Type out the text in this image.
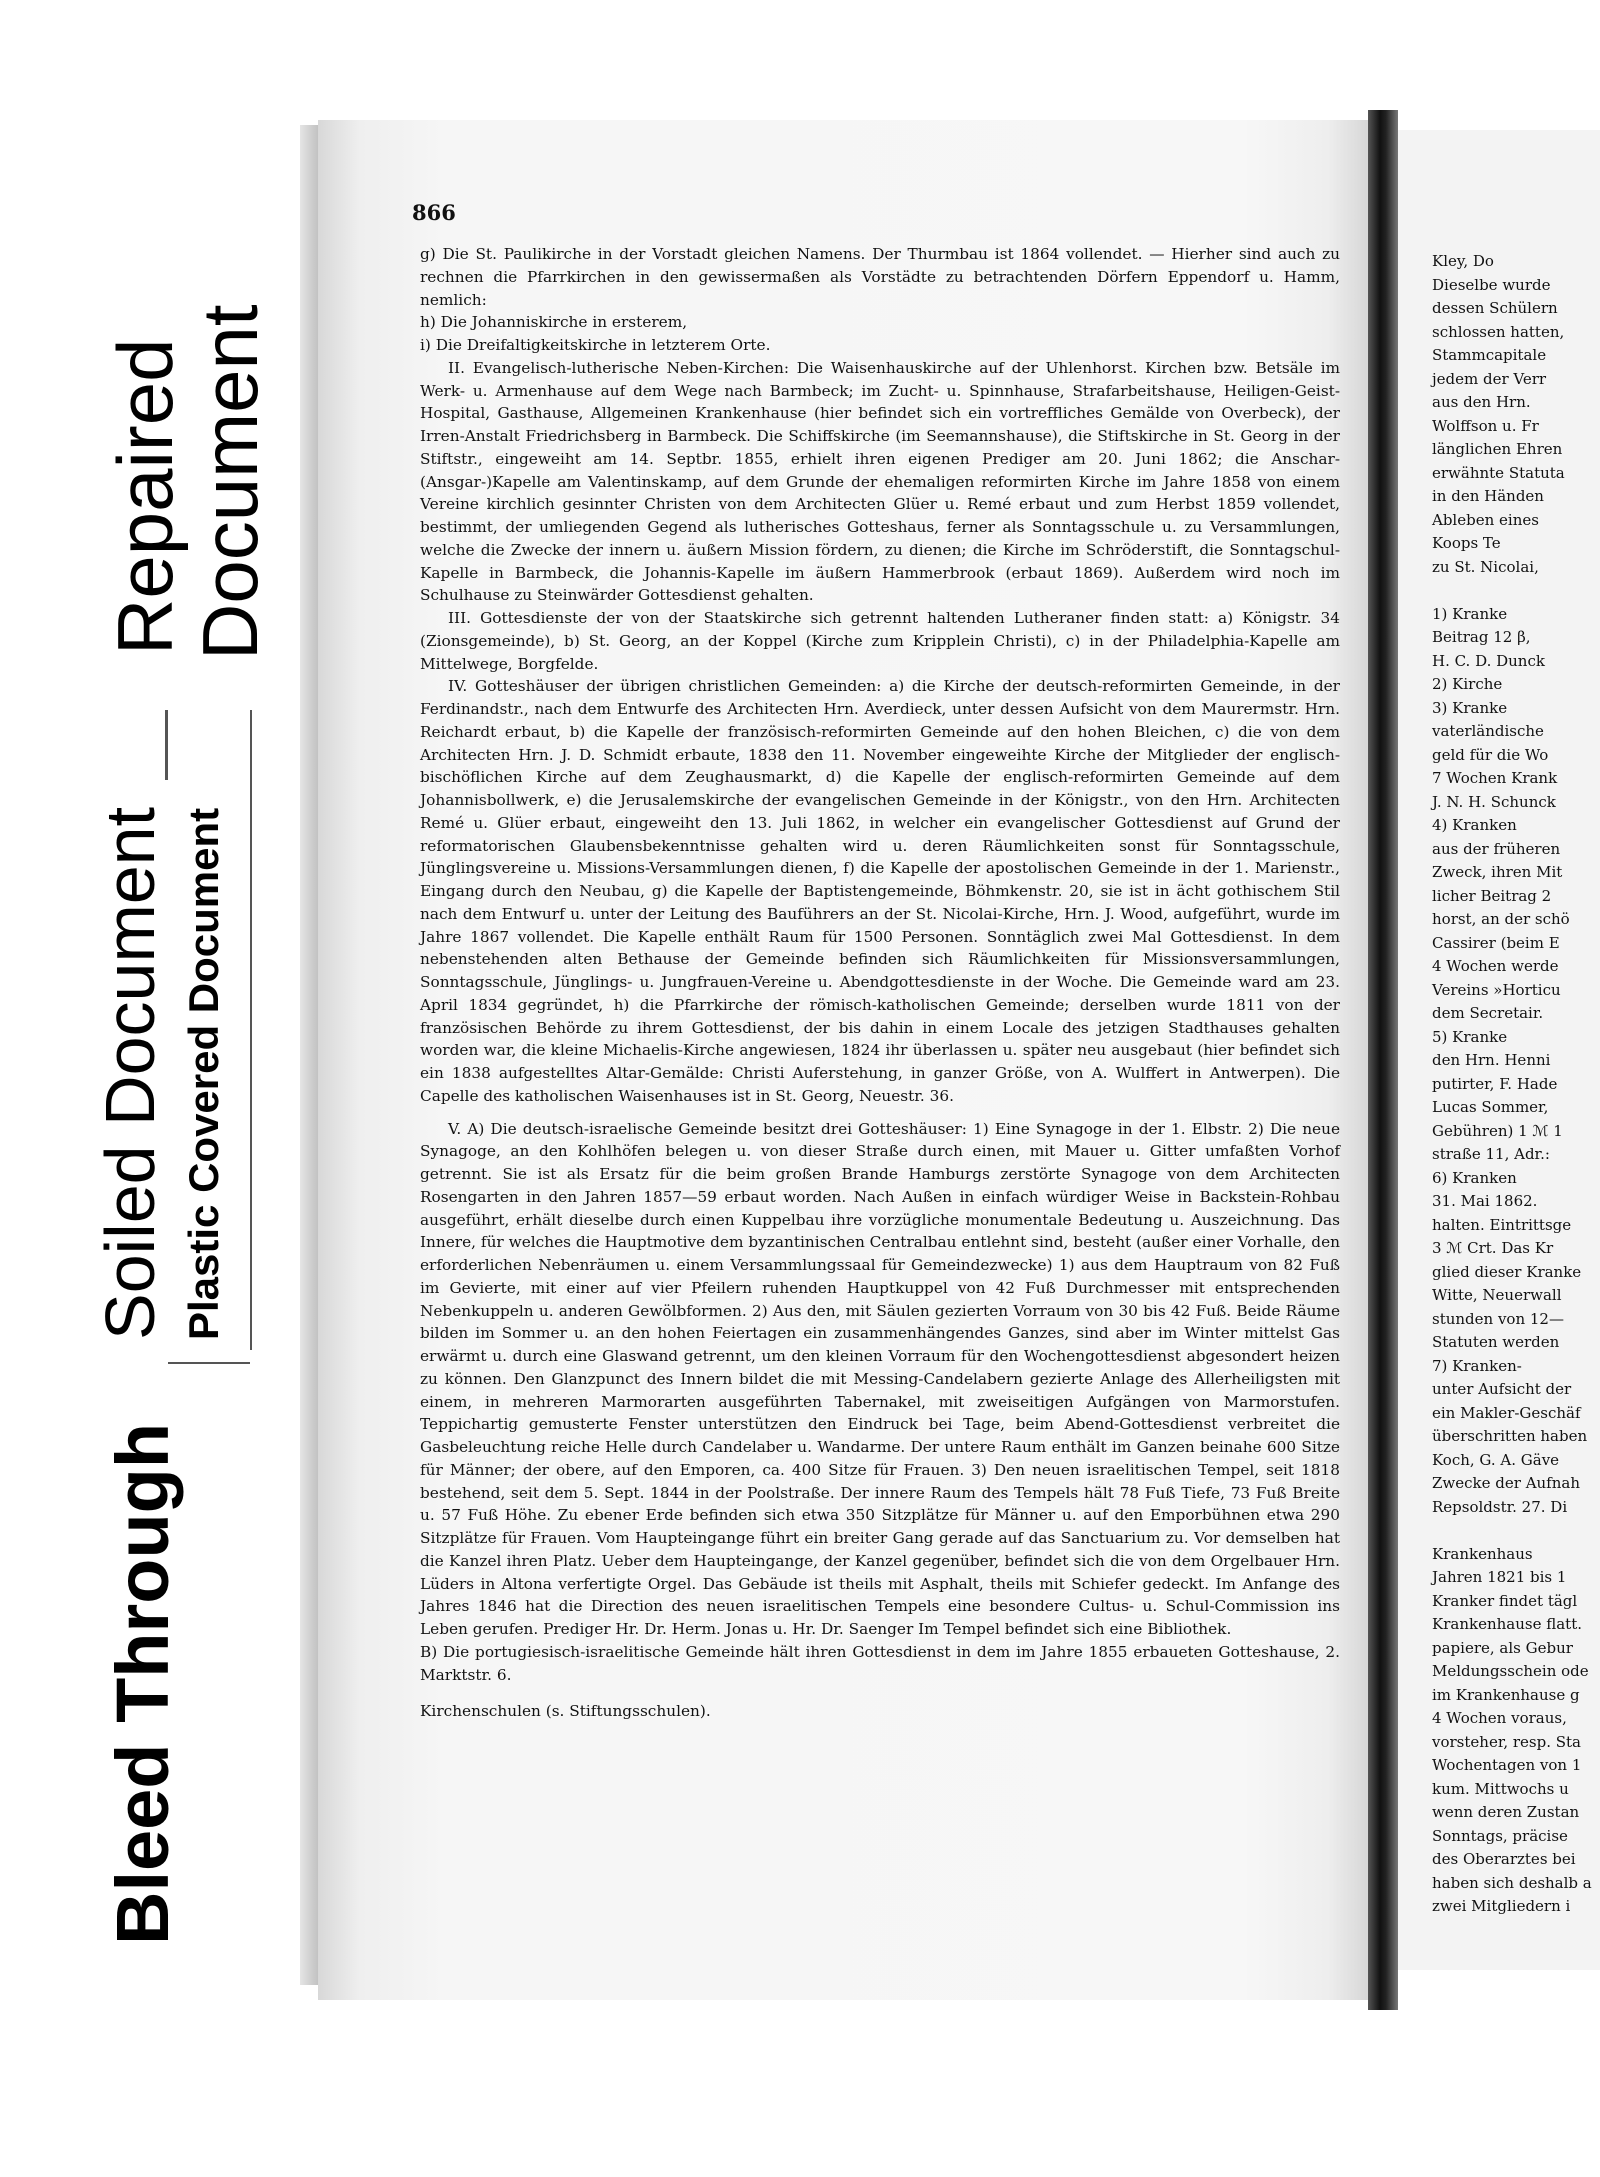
Bleed Through
Soiled Document Plastic Covered Document
Repaired
Document
866

g) Die St. Paulikirche in der Vorstadt gleichen Namens. Der Thurmbau ist 1864 vollendet. — Hierher sind auch zu rechnen die Pfarrkirchen in den gewissermaßen als Vorstädte zu betrachtenden Dörfern Eppendorf u. Hamm, nemlich:

h) Die Johanniskirche in ersterem,

i) Die Dreifaltigkeitskirche in letzterem Orte.

II. Evangelisch-lutherische Neben-Kirchen: Die Waisenhauskirche auf der Uhlenhorst. Kirchen bzw. Betsäle im Werk- u. Armenhause auf dem Wege nach Barmbeck; im Zucht- u. Spinnhause, Strafarbeitshause, Heiligen-Geist-Hospital, Gasthause, Allgemeinen Krankenhause (hier befindet sich ein vortreffliches Gemälde von Overbeck), der Irren-Anstalt Friedrichsberg in Barmbeck. Die Schiffskirche (im Seemannshause), die Stiftskirche in St. Georg in der Stiftstr., eingeweiht am 14. Septbr. 1855, erhielt ihren eigenen Prediger am 20. Juni 1862; die Anschar-(Ansgar-)Kapelle am Valentinskamp, auf dem Grunde der ehemaligen reformirten Kirche im Jahre 1858 von einem Vereine kirchlich gesinnter Christen von dem Architecten Glüer u. Remé erbaut und zum Herbst 1859 vollendet, bestimmt, der umliegenden Gegend als lutherisches Gotteshaus, ferner als Sonntagsschule u. zu Versammlungen, welche die Zwecke der innern u. äußern Mission fördern, zu dienen; die Kirche im Schröderstift, die Sonntagschul-Kapelle in Barmbeck, die Johannis-Kapelle im äußern Hammerbrook (erbaut 1869). Außerdem wird noch im Schulhause zu Steinwärder Gottesdienst gehalten.

III. Gottesdienste der von der Staatskirche sich getrennt haltenden Lutheraner finden statt: a) Königstr. 34 (Zionsgemeinde), b) St. Georg, an der Koppel (Kirche zum Kripplein Christi), c) in der Philadelphia-Kapelle am Mittelwege, Borgfelde.

IV. Gotteshäuser der übrigen christlichen Gemeinden: a) die Kirche der deutsch-reformirten Gemeinde, in der Ferdinandstr., nach dem Entwurfe des Architecten Hrn. Averdieck, unter dessen Aufsicht von dem Maurermstr. Hrn. Reichardt erbaut, b) die Kapelle der französisch-reformirten Gemeinde auf den hohen Bleichen, c) die von dem Architecten Hrn. J. D. Schmidt erbaute, 1838 den 11. November eingeweihte Kirche der Mitglieder der englisch-bischöflichen Kirche auf dem Zeughausmarkt, d) die Kapelle der englisch-reformirten Gemeinde auf dem Johannisbollwerk, e) die Jerusalemskirche der evangelischen Gemeinde in der Königstr., von den Hrn. Architecten Remé u. Glüer erbaut, eingeweiht den 13. Juli 1862, in welcher ein evangelischer Gottesdienst auf Grund der reformatorischen Glaubensbekenntnisse gehalten wird u. deren Räumlichkeiten sonst für Sonntagsschule, Jünglingsvereine u. Missions-Versammlungen dienen, f) die Kapelle der apostolischen Gemeinde in der 1. Marienstr., Eingang durch den Neubau, g) die Kapelle der Baptistengemeinde, Böhmkenstr. 20, sie ist in ächt gothischem Stil nach dem Entwurf u. unter der Leitung des Bauführers an der St. Nicolai-Kirche, Hrn. J. Wood, aufgeführt, wurde im Jahre 1867 vollendet. Die Kapelle enthält Raum für 1500 Personen. Sonntäglich zwei Mal Gottesdienst. In dem nebenstehenden alten Bethause der Gemeinde befinden sich Räumlichkeiten für Missionsversammlungen, Sonntagsschule, Jünglings- u. Jungfrauen-Vereine u. Abendgottesdienste in der Woche. Die Gemeinde ward am 23. April 1834 gegründet, h) die Pfarrkirche der römisch-katholischen Gemeinde; derselben wurde 1811 von der französischen Behörde zu ihrem Gottesdienst, der bis dahin in einem Locale des jetzigen Stadthauses gehalten worden war, die kleine Michaelis-Kirche angewiesen, 1824 ihr überlassen u. später neu ausgebaut (hier befindet sich ein 1838 aufgestelltes Altar-Gemälde: Christi Auferstehung, in ganzer Größe, von A. Wulffert in Antwerpen). Die Capelle des katholischen Waisenhauses ist in St. Georg, Neuestr. 36.

V. A) Die deutsch-israelische Gemeinde besitzt drei Gotteshäuser: 1) Eine Synagoge in der 1. Elbstr. 2) Die neue Synagoge, an den Kohlhöfen belegen u. von dieser Straße durch einen, mit Mauer u. Gitter umfaßten Vorhof getrennt. Sie ist als Ersatz für die beim großen Brande Hamburgs zerstörte Synagoge von dem Architecten Rosengarten in den Jahren 1857—59 erbaut worden. Nach Außen in einfach würdiger Weise in Backstein-Rohbau ausgeführt, erhält dieselbe durch einen Kuppelbau ihre vorzügliche monumentale Bedeutung u. Auszeichnung. Das Innere, für welches die Hauptmotive dem byzantinischen Centralbau entlehnt sind, besteht (außer einer Vorhalle, den erforderlichen Nebenräumen u. einem Versammlungssaal für Gemeindezwecke) 1) aus dem Hauptraum von 82 Fuß im Gevierte, mit einer auf vier Pfeilern ruhenden Hauptkuppel von 42 Fuß Durchmesser mit entsprechenden Nebenkuppeln u. anderen Gewölbformen. 2) Aus den, mit Säulen gezierten Vorraum von 30 bis 42 Fuß. Beide Räume bilden im Sommer u. an den hohen Feiertagen ein zusammenhängendes Ganzes, sind aber im Winter mittelst Gas erwärmt u. durch eine Glaswand getrennt, um den kleinen Vorraum für den Wochengottesdienst abgesondert heizen zu können. Den Glanzpunct des Innern bildet die mit Messing-Candelabern gezierte Anlage des Allerheiligsten mit einem, in mehreren Marmorarten ausgeführten Tabernakel, mit zweiseitigen Aufgängen von Marmorstufen. Teppichartig gemusterte Fenster unterstützen den Eindruck bei Tage, beim Abend-Gottesdienst verbreitet die Gasbeleuchtung reiche Helle durch Candelaber u. Wandarme. Der untere Raum enthält im Ganzen beinahe 600 Sitze für Männer; der obere, auf den Emporen, ca. 400 Sitze für Frauen. 3) Den neuen israelitischen Tempel, seit 1818 bestehend, seit dem 5. Sept. 1844 in der Poolstraße. Der innere Raum des Tempels hält 78 Fuß Tiefe, 73 Fuß Breite u. 57 Fuß Höhe. Zu ebener Erde befinden sich etwa 350 Sitzplätze für Männer u. auf den Emporbühnen etwa 290 Sitzplätze für Frauen. Vom Haupteingange führt ein breiter Gang gerade auf das Sanctuarium zu. Vor demselben hat die Kanzel ihren Platz. Ueber dem Haupteingange, der Kanzel gegenüber, befindet sich die von dem Orgelbauer Hrn. Lüders in Altona verfertigte Orgel. Das Gebäude ist theils mit Asphalt, theils mit Schiefer gedeckt. Im Anfange des Jahres 1846 hat die Direction des neuen israelitischen Tempels eine besondere Cultus- u. Schul-Commission ins Leben gerufen. Prediger Hr. Dr. Herm. Jonas u. Hr. Dr. Saenger Im Tempel befindet sich eine Bibliothek.

B) Die portugiesisch-israelitische Gemeinde hält ihren Gottesdienst in dem im Jahre 1855 erbaueten Gotteshause, 2. Marktstr. 6.

Kirchenschulen (s. Stiftungsschulen).

Kley, Do
Dieselbe wurde
dessen Schülern
schlossen hatten,
Stammcapitale
jedem der Verr
aus den Hrn.
Wolffson u. Fr
länglichen Ehren
erwähnte Statuta
in den Händen
Ableben eines
Koops Te
zu St. Nicolai,
1) Kranke
Beitrag 12 β,
H. C. D. Dunck
2) Kirche
3) Kranke
vaterländische
geld für die Wo
7 Wochen Krank
J. N. H. Schunck
4) Kranken
aus der früheren
Zweck, ihren Mit
licher Beitrag 2
horst, an der schö
Cassirer (beim E
4 Wochen werde
Vereins »Horticu
dem Secretair.
5) Kranke
den Hrn. Henni
putirter, F. Hade
Lucas Sommer,
Gebühren) 1 ℳ 1
straße 11, Adr.:
6) Kranken
31. Mai 1862.
halten. Eintrittsge
3 ℳ Crt. Das Kr
glied dieser Kranke
Witte, Neuerwall
stunden von 12—
Statuten werden
7) Kranken-
unter Aufsicht der
ein Makler-Geschäf
überschritten haben
Koch, G. A. Gäve
Zwecke der Aufnah
Repsoldstr. 27. Di
Krankenhaus
Jahren 1821 bis 1
Kranker findet tägl
Krankenhause flatt.
papiere, als Gebur
Meldungsschein ode
im Krankenhause g
4 Wochen voraus,
vorsteher, resp. Sta
Wochentagen von 1
kum. Mittwochs u
wenn deren Zustan
Sonntags, präcise
des Oberarztes bei
haben sich deshalb a
zwei Mitgliedern i
